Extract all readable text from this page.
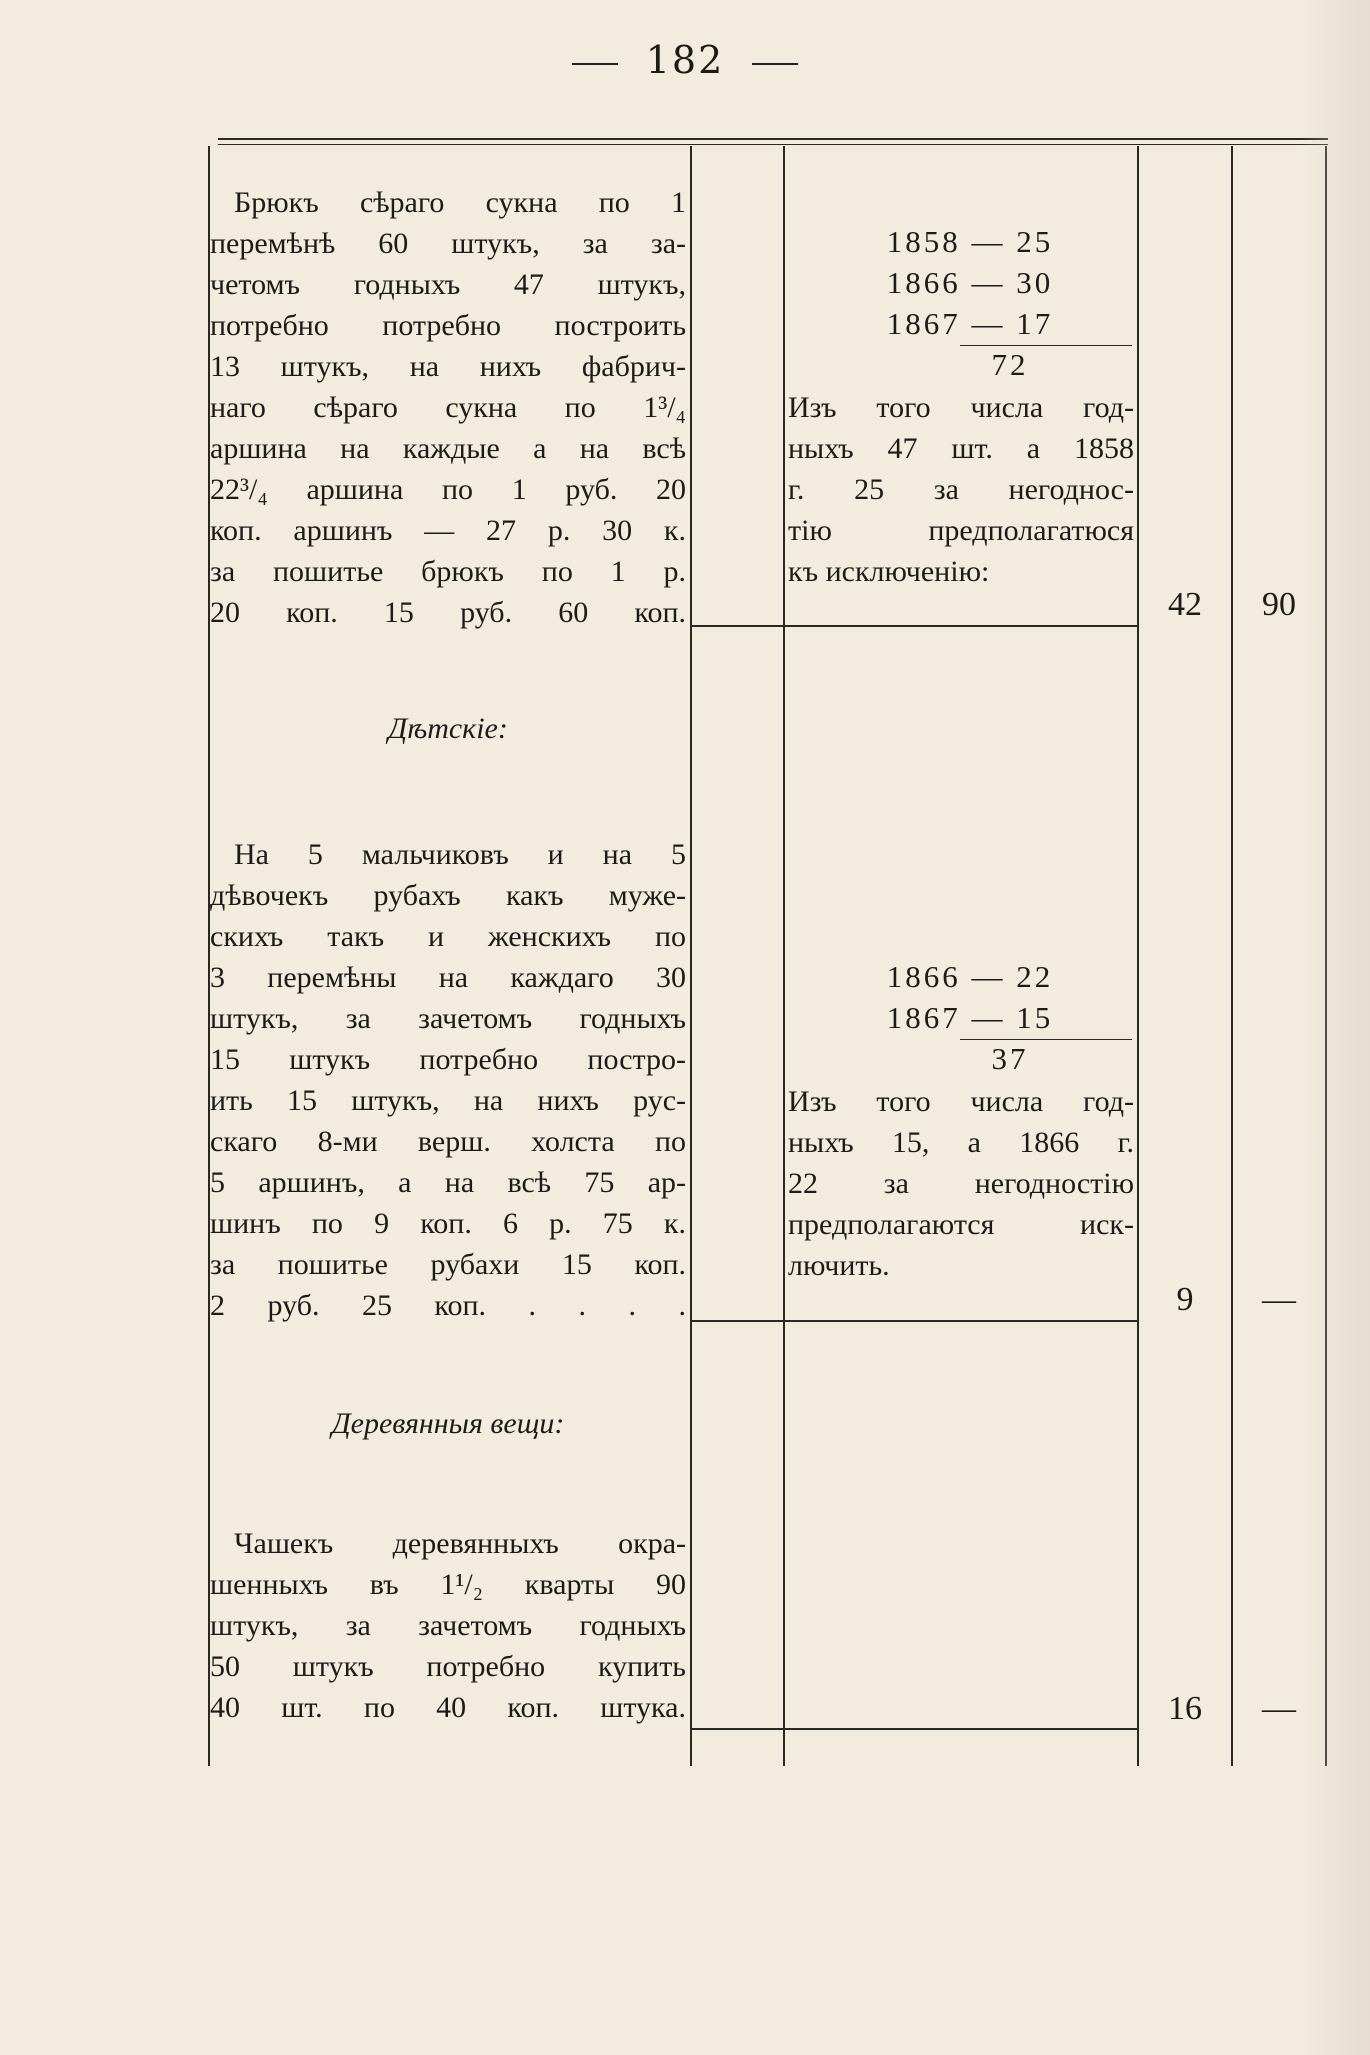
182
Брюкъ сѣраго сукна по 1
перемѣнѣ 60 штукъ, за за-
четомъ годныхъ 47 штукъ,
потребно потребно построить
13 штукъ, на нихъ фабрич-
наго сѣраго сукна по 1³/₄
аршина на каждые а на всѣ
22³/₄ аршина по 1 руб. 20
коп. аршинъ — 27 р. 30 к.
за пошитье брюкъ по 1 р.
20 коп. 15 руб. 60 коп.
1858 — 25
1866 — 30
1867 — 17
72
Изъ того числа год-
ныхъ 47 шт. а 1858
г. 25 за негоднос-
тію предполагатюся
къ исключенію:
42	90
Дѣтскіе:
На 5 мальчиковъ и на 5
дѣвочекъ рубахъ какъ муже-
скихъ такъ и женскихъ по
3 перемѣны на каждаго 30
штукъ, за зачетомъ годныхъ
15 штукъ потребно постро-
ить 15 штукъ, на нихъ рус-
скаго 8-ми верш. холста по
5 аршинъ, а на всѣ 75 ар-
шинъ по 9 коп. 6 р. 75 к.
за пошитье рубахи 15 коп.
2 руб. 25 коп. . . . .
1866 — 22
1867 — 15
37
Изъ того числа год-
ныхъ 15, а 1866 г.
22 за негодностію
предполагаются иск-
лючить.
9	—
Деревянныя вещи:
Чашекъ деревянныхъ окра-
шенныхъ въ 1¹/₂ кварты 90
штукъ, за зачетомъ годныхъ
50 штукъ потребно купить
40 шт. по 40 коп. штука.	16	—
